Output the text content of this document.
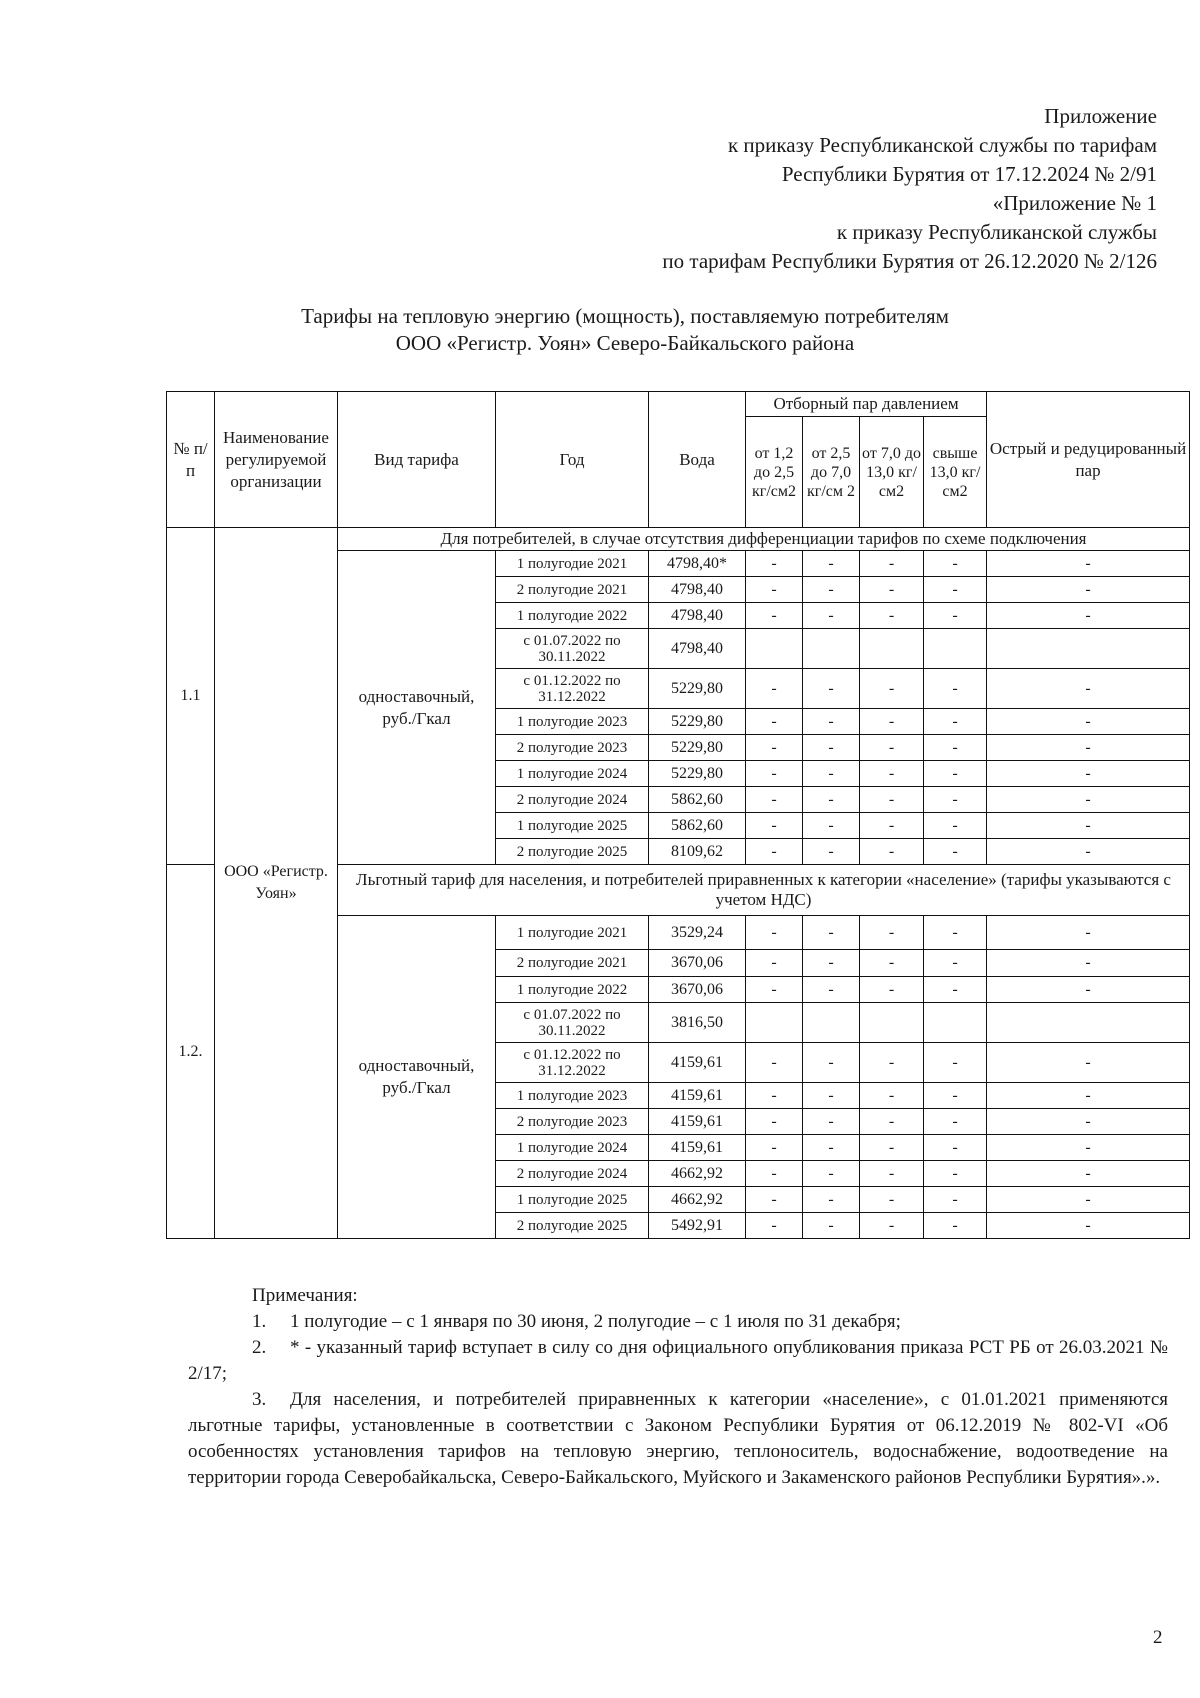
Приложение
к приказу Республиканской службы по тарифам
Республики Бурятия от 17.12.2024 № 2/91
«Приложение № 1
к приказу Республиканской службы
по тарифам Республики Бурятия от 26.12.2020 № 2/126
Тарифы на тепловую энергию (мощность), поставляемую потребителям
ООО «Регистр. Уоян» Северо-Байкальского района
№ п/п	Наименование регулируемой организации	Вид тарифа	Год	Вода	Отборный пар давлением				Острый и редуцированный пар
					от 1,2 до 2,5 кг/см2	от 2,5 до 7,0 кг/см 2	от 7,0 до 13,0 кг/см2	свыше 13,0 кг/см2	
1.1	ООО «Регистр. Уоян»	Для потребителей, в случае отсутствия дифференциации тарифов по схеме подключения							
		одноставочный, руб./Гкал	1 полугодие 2021	4798,40*	-	-	-	-	-
			2 полугодие 2021	4798,40	-	-	-	-	-
			1 полугодие 2022	4798,40	-	-	-	-	-
			с 01.07.2022 по 30.11.2022	4798,40					
			с 01.12.2022 по 31.12.2022	5229,80	-	-	-	-	-
			1 полугодие 2023	5229,80	-	-	-	-	-
			2 полугодие 2023	5229,80	-	-	-	-	-
			1 полугодие 2024	5229,80	-	-	-	-	-
			2 полугодие 2024	5862,60	-	-	-	-	-
			1 полугодие 2025	5862,60	-	-	-	-	-
			2 полугодие 2025	8109,62	-	-	-	-	-
1.2.		Льготный тариф для населения, и потребителей приравненных к категории «население» (тарифы указываются с учетом НДС)							
		одноставочный, руб./Гкал	1 полугодие 2021	3529,24	-	-	-	-	-
			2 полугодие 2021	3670,06	-	-	-	-	-
			1 полугодие 2022	3670,06	-	-	-	-	-
			с 01.07.2022 по 30.11.2022	3816,50					
			с 01.12.2022 по 31.12.2022	4159,61	-	-	-	-	-
			1 полугодие 2023	4159,61	-	-	-	-	-
			2 полугодие 2023	4159,61	-	-	-	-	-
			1 полугодие 2024	4159,61	-	-	-	-	-
			2 полугодие 2024	4662,92	-	-	-	-	-
			1 полугодие 2025	4662,92	-	-	-	-	-
			2 полугодие 2025	5492,91	-	-	-	-	-

Примечания:

1. 1 полугодие – с 1 января по 30 июня, 2 полугодие – с 1 июля по 31 декабря;

2. * - указанный тариф вступает в силу со дня официального опубликования приказа РСТ РБ от 26.03.2021 № 2/17;

3. Для населения, и потребителей приравненных к категории «население», с 01.01.2021 применяются льготные тарифы, установленные в соответствии с Законом Республики Бурятия от 06.12.2019 № 802-VI «Об особенностях установления тарифов на тепловую энергию, теплоноситель, водоснабжение, водоотведение на территории города Северобайкальска, Северо-Байкальского, Муйского и Закаменского районов Республики Бурятия».».

2
